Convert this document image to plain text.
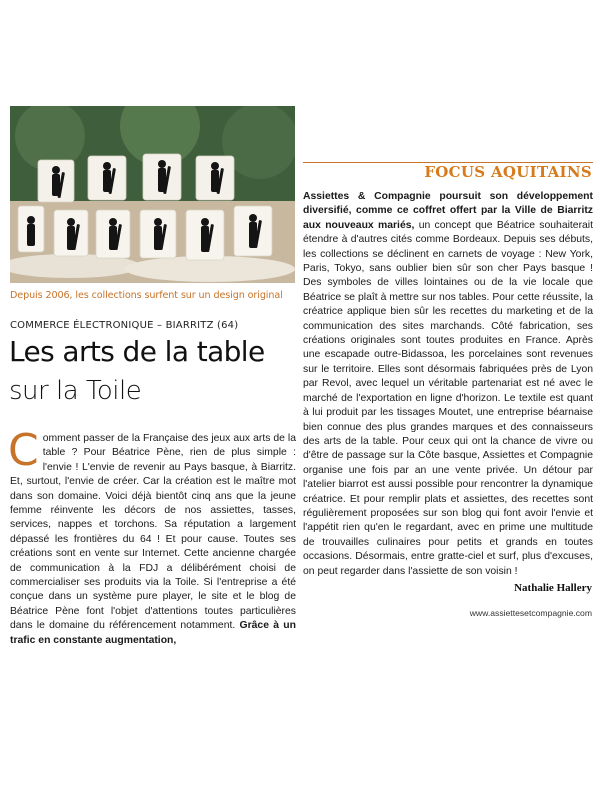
Depuis 2006, les collections surfent sur un design original
COMMERCE ÉLECTRONIQUE – BIARRITZ (64)
Les arts de la table
sur la Toile
Comment passer de la Française des jeux aux arts de la table ? Pour Béatrice Pène, rien de plus simple : l'envie ! L'envie de revenir au Pays basque, à Biarritz. Et, surtout, l'envie de créer. Car la création est le maître mot dans son domaine. Voici déjà bientôt cinq ans que la jeune femme réinvente les décors de nos assiettes, tasses, services, nappes et torchons. Sa réputation a largement dépassé les frontières du 64 ! Et pour cause. Toutes ses créations sont en vente sur Internet. Cette ancienne chargée de communication à la FDJ a délibérément choisi de commercialiser ses produits via la Toile. Si l'entreprise a été conçue dans un système pure player, le site et le blog de Béatrice Pène font l'objet d'attentions toutes particulières dans le domaine du référencement notamment. Grâce à un trafic en constante augmentation,
FOCUS AQUITAINS
Assiettes & Compagnie poursuit son développement diversifié, comme ce coffret offert par la Ville de Biarritz aux nouveaux mariés, un concept que Béatrice souhaiterait étendre à d'autres cités comme Bordeaux. Depuis ses débuts, les collections se déclinent en carnets de voyage : New York, Paris, Tokyo, sans oublier bien sûr son cher Pays basque ! Des symboles de villes lointaines ou de la vie locale que Béatrice se plaît à mettre sur nos tables. Pour cette réussite, la créatrice applique bien sûr les recettes du marketing et de la communication des sites marchands. Côté fabrication, ses créations originales sont toutes produites en France. Après une escapade outre-Bidassoa, les porcelaines sont revenues sur le territoire. Elles sont désormais fabriquées près de Lyon par Revol, avec lequel un véritable partenariat est né avec le marché de l'exportation en ligne d'horizon. Le textile est quant à lui produit par les tissages Moutet, une entreprise béarnaise bien connue des plus grandes marques et des connaisseurs des arts de la table. Pour ceux qui ont la chance de vivre ou d'être de passage sur la Côte basque, Assiettes et Compagnie organise une fois par an une vente privée. Un détour par l'atelier biarrot est aussi possible pour rencontrer la dynamique créatrice. Et pour remplir plats et assiettes, des recettes sont régulièrement proposées sur son blog qui font avoir l'envie et l'appétit rien qu'en le regardant, avec en prime une multitude de trouvailles culinaires pour petits et grands en toutes occasions. Désormais, entre gratte-ciel et surf, plus d'excuses, on peut regarder dans l'assiette de son voisin !
Nathalie Hallery
www.assiettesetcompagnie.com
